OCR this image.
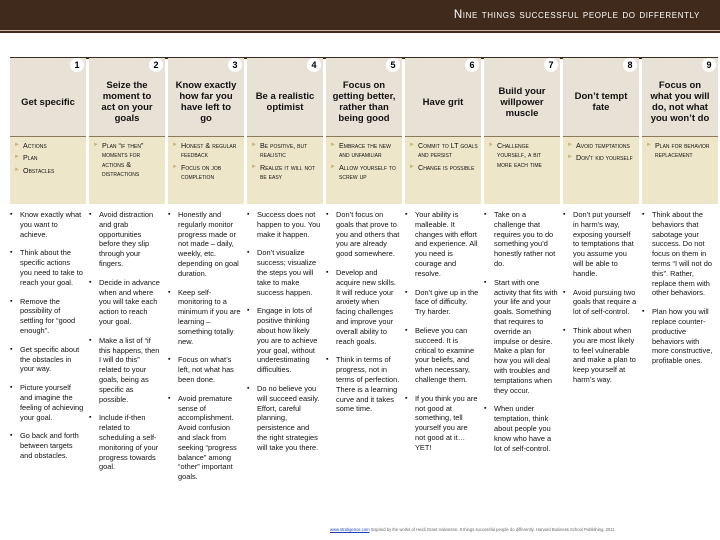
Nine things successful people do differently
1
Get specific
2
Seize the moment to act on your goals
3
Know exactly how far you have left to go
4
Be a realistic optimist
5
Focus on getting better, rather than being good
6
Have grit
7
Build your willpower muscle
8
Don’t tempt fate
9
Focus on what you will do, not what you won’t do
► Actions
► Plan
► Obstacles
► Plan “if then” moments for actions & distractions
► Honest & regular feedback
► Focus on job completion
► Be positive, but realistic
► Realize it will not be easy
► Embrace the new and unfamiliar
► Allow yourself to screw up
► Commit to LT goals and persist
► Change is possible
► Challenge yourself, a bit more each time
► Avoid temptations
► Don’t kid yourself
► Plan for behavior replacement
▪ Know exactly what you want to achieve.
▪ Think about the specific actions you need to take to reach your goal.
▪ Remove the possibility of settling for “good enough”.
▪ Get specific about the obstacles in your way.
▪ Picture yourself and imagine the feeling of achieving your goal.
▪ Go back and forth between targets and obstacles.
▪ Avoid distraction and grab opportunities before they slip through your fingers.
▪ Decide in advance when and where you will take each action to reach your goal.
▪ Make a list of “if this happens, then I will do this” related to your goals, being as specific as possible.
▪ Include if-then related to scheduling a self-monitoring of your progress towards goal.
▪ Honestly and regularly monitor progress made or not made – daily, weekly, etc. depending on goal duration.
▪ Keep self-monitoring to a minimum if you are learning – something totally new.
▪ Focus on what’s left, not what has been done.
▪ Avoid premature sense of accomplishment. Avoid confusion and slack from seeking “progress balance” among “other” important goals.
▪ Success does not happen to you. You make it happen.
▪ Don’t visualize success; visualize the steps you will take to make success happen.
▪ Engage in lots of positive thinking about how likely you are to achieve your goal, without underestimating difficulties.
▪ Do no believe you will succeed easily. Effort, careful planning, persistence and the right strategies will take you there.
▪ Don’t focus on goals that prove to you and others that you are already good somewhere.
▪ Develop and acquire new skills. It will reduce your anxiety when facing challenges and improve your overall ability to reach goals.
▪ Think in terms of progress, not in terms of perfection. There is a learning curve and it takes some time.
▪ Your ability is malleable. It changes with effort and experience. All you need is courage and resolve.
▪ Don’t give up in the face of difficulty. Try harder.
▪ Believe you can succeed. It is critical to examine your beliefs, and when necessary, challenge them.
▪ If you think you are not good at something, tell yourself you are not good at it… YET!
▪ Take on a challenge that requires you to do something you’d honestly rather not do.
▪ Start with one activity that fits with your life and your goals. Something that requires to override an impulse or desire. Make a plan for how you will deal with troubles and temptations when they occur.
▪ When under temptation, think about people you know who have a lot of self-control.
▪ Don’t put yourself in harm’s way, exposing yourself to temptations that you assume you will be able to handle.
▪ Avoid pursuing two goals that require a lot of self-control.
▪ Think about when you are most likely to feel vulnerable and make a plan to keep yourself at harm’s way.
▪ Think about the behaviors that sabotage your success. Do not focus on them in terms “I will not do this”. Rather, replace them with other behaviors.
▪ Plan how you will replace counter-productive behaviors with more constructive, profitable ones.
www.stratigence.com Inspired by the works of Heidi Grant Halvorson. 9 things successful people do differently. Harvard Business School Publishing, 2011
